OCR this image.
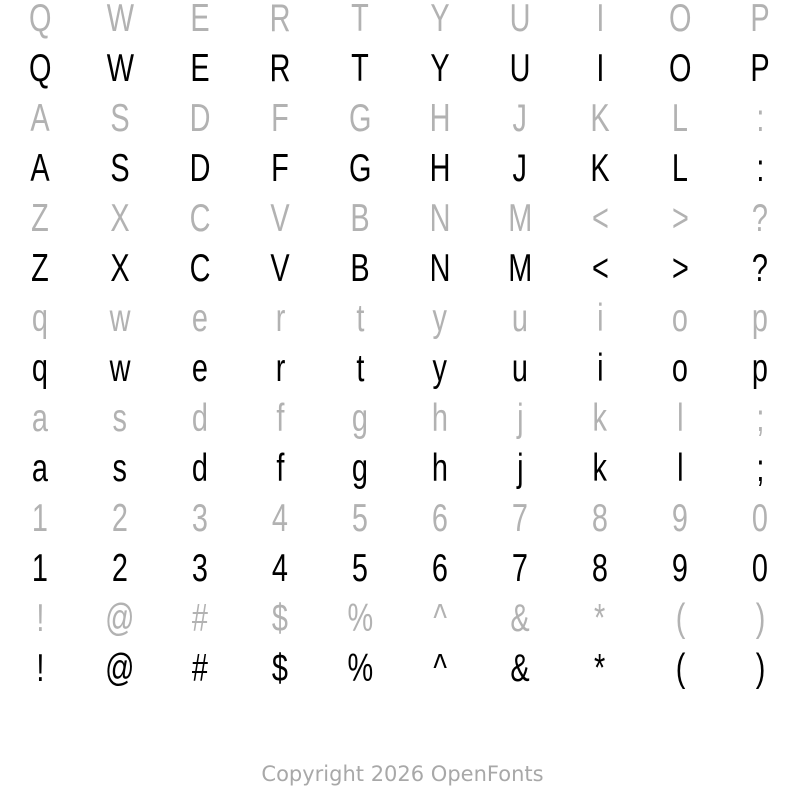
Q W E R T Y U I O P
Q W E R T Y U I O P
A S D F G H J K L :
A S D F G H J K L :
Z X C V B N M < > ?
Z X C V B N M < > ?
q w e r t y u i o p
q w e r t y u i o p
a s d f g h j k l ;
a s d f g h j k l ;
1 2 3 4 5 6 7 8 9 0
1 2 3 4 5 6 7 8 9 0
! @ # $ % ^ & * ( )
! @ # $ % ^ & * ( )
Copyright 2026 OpenFonts
